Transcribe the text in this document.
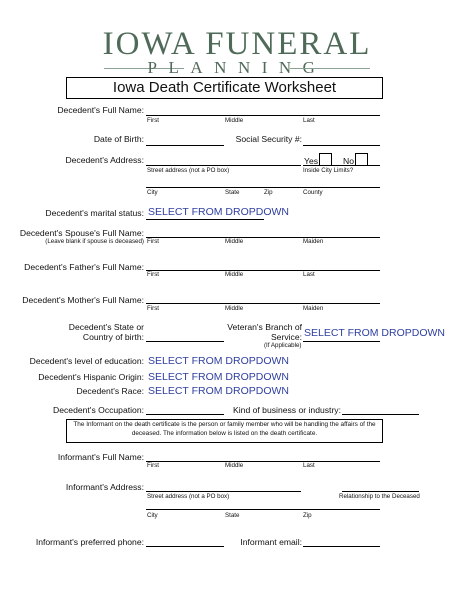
IOWA FUNERAL
PLANNING
Iowa Death Certificate Worksheet
Decedent's Full Name:
First	Middle	Last
Date of Birth:	Social Security #:
Decedent's Address:	Yes	No
Street address (not a PO box)	Inside City Limits?
City	State	Zip	County
Decedent's marital status: SELECT FROM DROPDOWN
Decedent's Spouse's Full Name:
(Leave blank if spouse is deceased) First	Middle	Maiden
Decedent's Father's Full Name:
First	Middle	Last
Decedent's Mother's Full Name:
First	Middle	Maiden
Decedent's State or
Country of birth:
Veteran's Branch of
Service: SELECT FROM DROPDOWN
(If Applicable)
Decedent's level of education: SELECT FROM DROPDOWN
Decedent's Hispanic Origin: SELECT FROM DROPDOWN
Decedent's Race: SELECT FROM DROPDOWN
Decedent's Occupation:	Kind of business or industry:
The Informant on the death certificate is the person or family member who will be handling the affairs of the deceased. The information below is listed on the death certificate.
Informant's Full Name:
First	Middle	Last
Informant's Address:
Street address (not a PO box)	Relationship to the Deceased
City	State	Zip
Informant's preferred phone:	Informant email:
